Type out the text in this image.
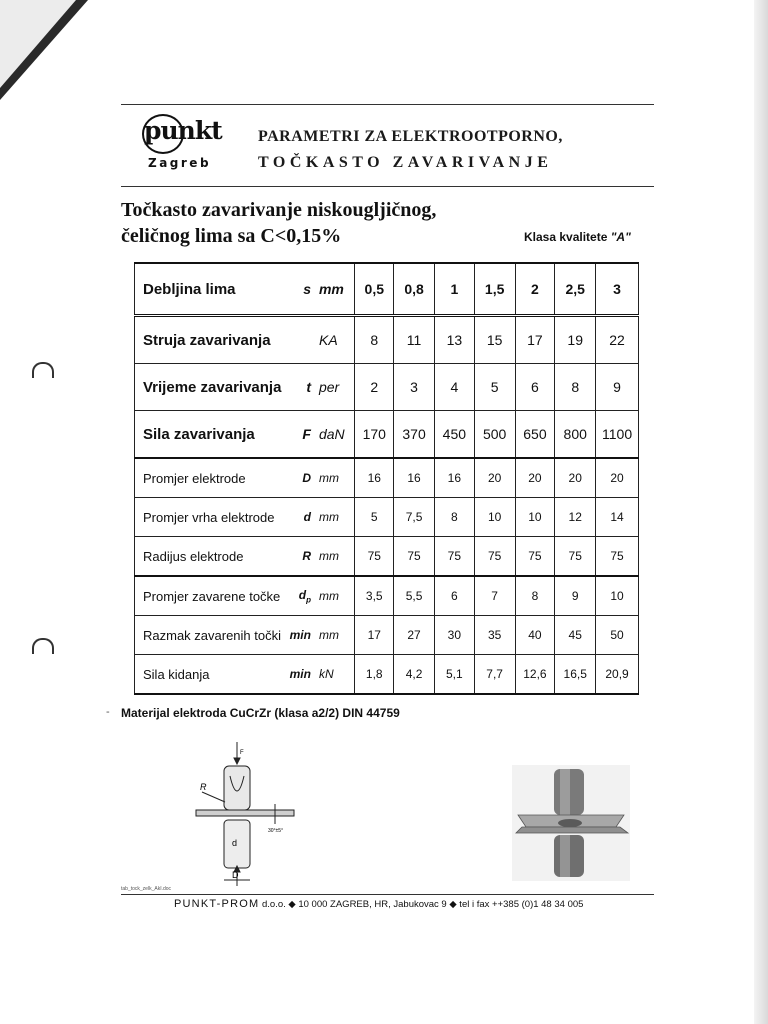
punkt
Zagreb
PARAMETRI ZA ELEKTROOTPORNO,
TOČKASTO ZAVARIVANJE
Točkasto zavarivanje niskougljičnog,
čeličnog lima sa C<0,15%	Klasa kvalitete "A"
Debljina lima	s	mm	0,5	0,8	1	1,5	2	2,5	3
Struja zavarivanja		KA	8	11	13	15	17	19	22
Vrijeme zavarivanja	t	per	2	3	4	5	6	8	9
Sila zavarivanja	F	daN	170	370	450	500	650	800	1100
Promjer elektrode	D	mm	16	16	16	20	20	20	20
Promjer vrha elektrode	d	mm	5	7,5	8	10	10	12	14
Radijus elektrode	R	mm	75	75	75	75	75	75	75
Promjer zavarene točke	$d_p$	mm	3,5	5,5	6	7	8	9	10
Razmak zavarenih točki	min	mm	17	27	30	35	40	45	50
Sila kidanja	min	kN	1,8	4,2	5,1	7,7	12,6	16,5	20,9
- Materijal elektroda CuCrZr (klasa a2/2) DIN 44759
F
R
d
D
30°±5°
tab_tock_zelk_AkI.doc
PUNKT-PROM d.o.o. ◆ 10 000 ZAGREB, HR, Jabukovac 9 ◆ tel i fax ++385 (0)1 48 34 005
